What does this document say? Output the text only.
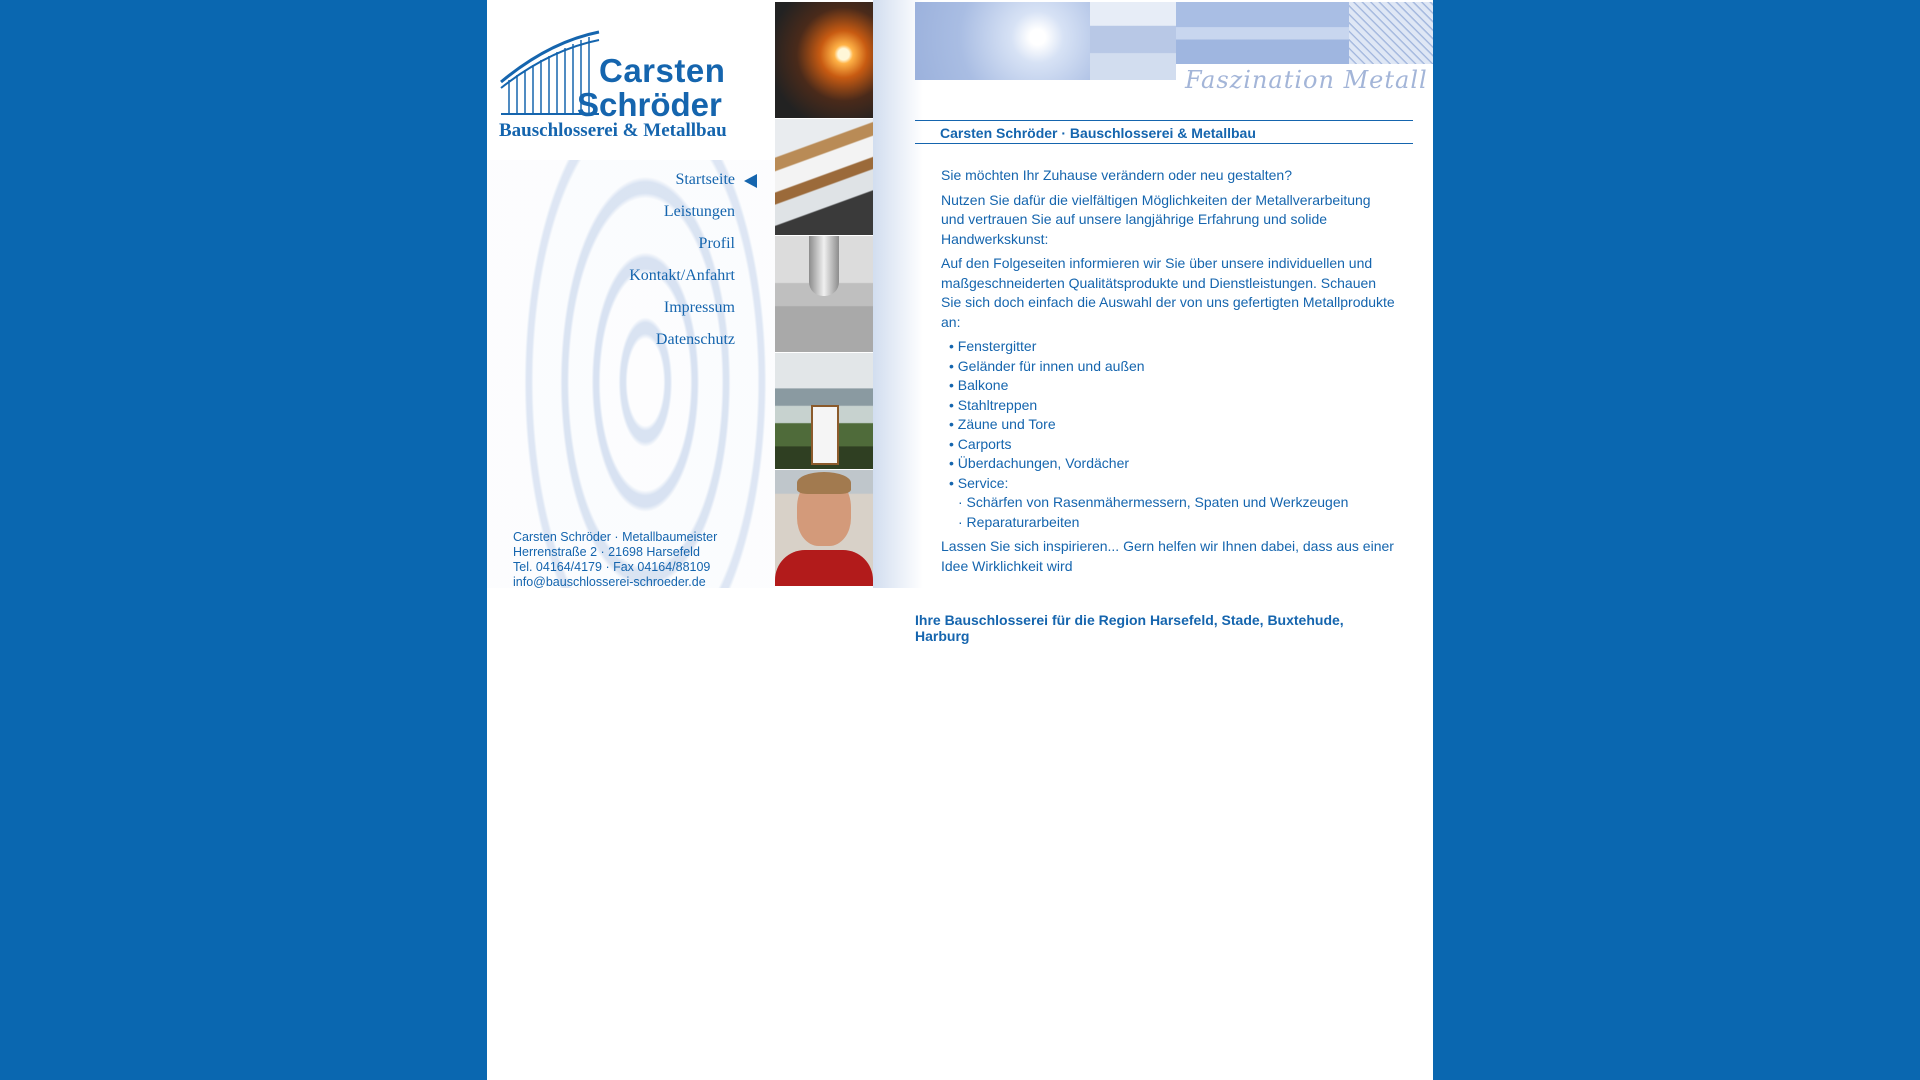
Carsten
Schröder
Bauschlosserei & Metallbau
Startseite
Leistungen
Profil
Kontakt/Anfahrt
Impressum
Datenschutz
Carsten Schröder · Metallbaumeister
Herrenstraße 2 · 21698 Harsefeld
Tel. 04164/4179 · Fax 04164/88109
info@bauschlosserei-schroeder.de
Faszination Metall
Carsten Schröder · Bauschlosserei & Metallbau

Sie möchten Ihr Zuhause verändern oder neu gestalten?

Nutzen Sie dafür die vielfältigen Möglichkeiten der Metallverarbeitung und vertrauen Sie auf unsere langjährige Erfahrung und solide Handwerkskunst:

Auf den Folgeseiten informieren wir Sie über unsere individuellen und maßgeschneiderten Qualitätsprodukte und Dienstleistungen. Schauen Sie sich doch einfach die Auswahl der von uns gefertigten Metallprodukte an:

• Fenstergitter
• Geländer für innen und außen
• Balkone
• Stahltreppen
• Zäune und Tore
• Carports
• Überdachungen, Vordächer
• Service:
· Schärfen von Rasenmähermessern, Spaten und Werkzeugen
· Reparaturarbeiten

Lassen Sie sich inspirieren... Gern helfen wir Ihnen dabei, dass aus einer Idee Wirklichkeit wird

Ihre Bauschlosserei für die Region Harsefeld, Stade, Buxtehude, Harburg
